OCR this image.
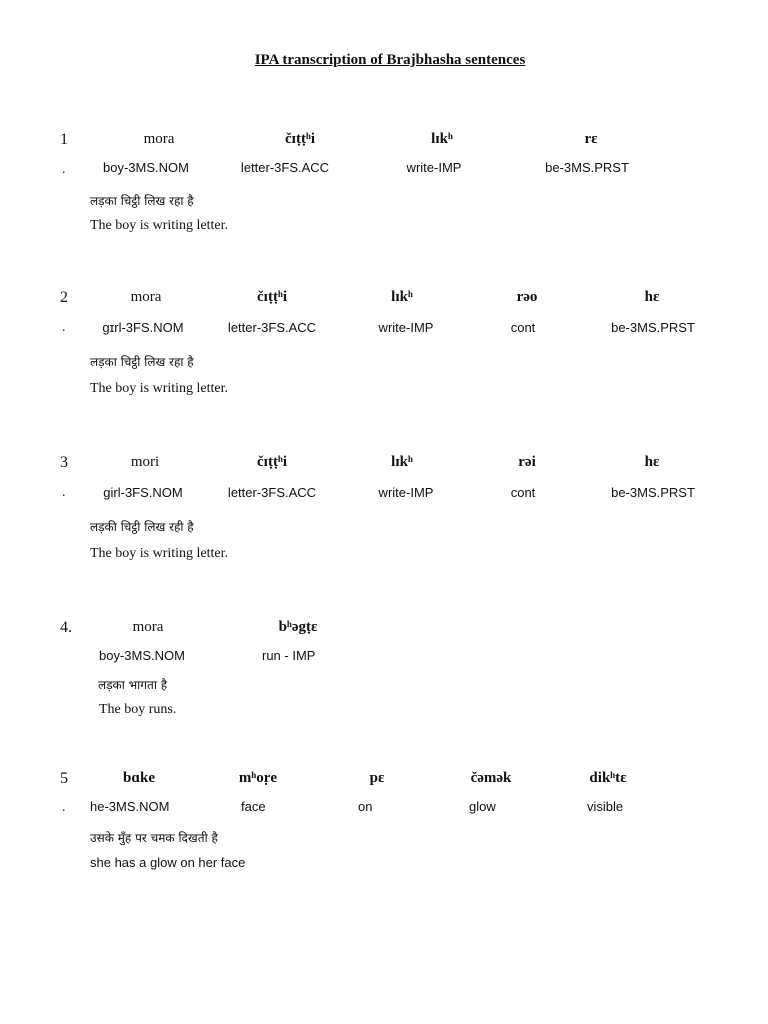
IPA transcription of Brajbhasha sentences
1
.
mora	čɪṭṭʰi	lɪkʰ	rɛ
boy-3MS.NOM	letter-3FS.ACC	write-IMP	be-3MS.PRST
लड़का चिट्ठी लिख रहा है
The boy is writing letter.
2
.
mora	čɪṭṭʰi	lɪkʰ	rəo	hɛ
gɪrl-3FS.NOM	letter-3FS.ACC	write-IMP	cont	be-3MS.PRST
लड़का चिट्ठी लिख रहा है
The boy is writing letter.
3
.
mori	čɪṭṭʰi	lɪkʰ	rəi	hɛ
girl-3FS.NOM	letter-3FS.ACC	write-IMP	cont	be-3MS.PRST
लड़की चिट्ठी लिख रही है
The boy is writing letter.
4.	mora	bʰəgṭɛ
boy-3MS.NOM	run - IMP
लड़का भागता है
The boy runs.
5
.
bɑke	mʰoṛe	pɛ	čəmək	dikʰtɛ
he-3MS.NOM	face	on	glow	visible
उसके मुँह पर चमक दिखती है
she has a glow on her face
